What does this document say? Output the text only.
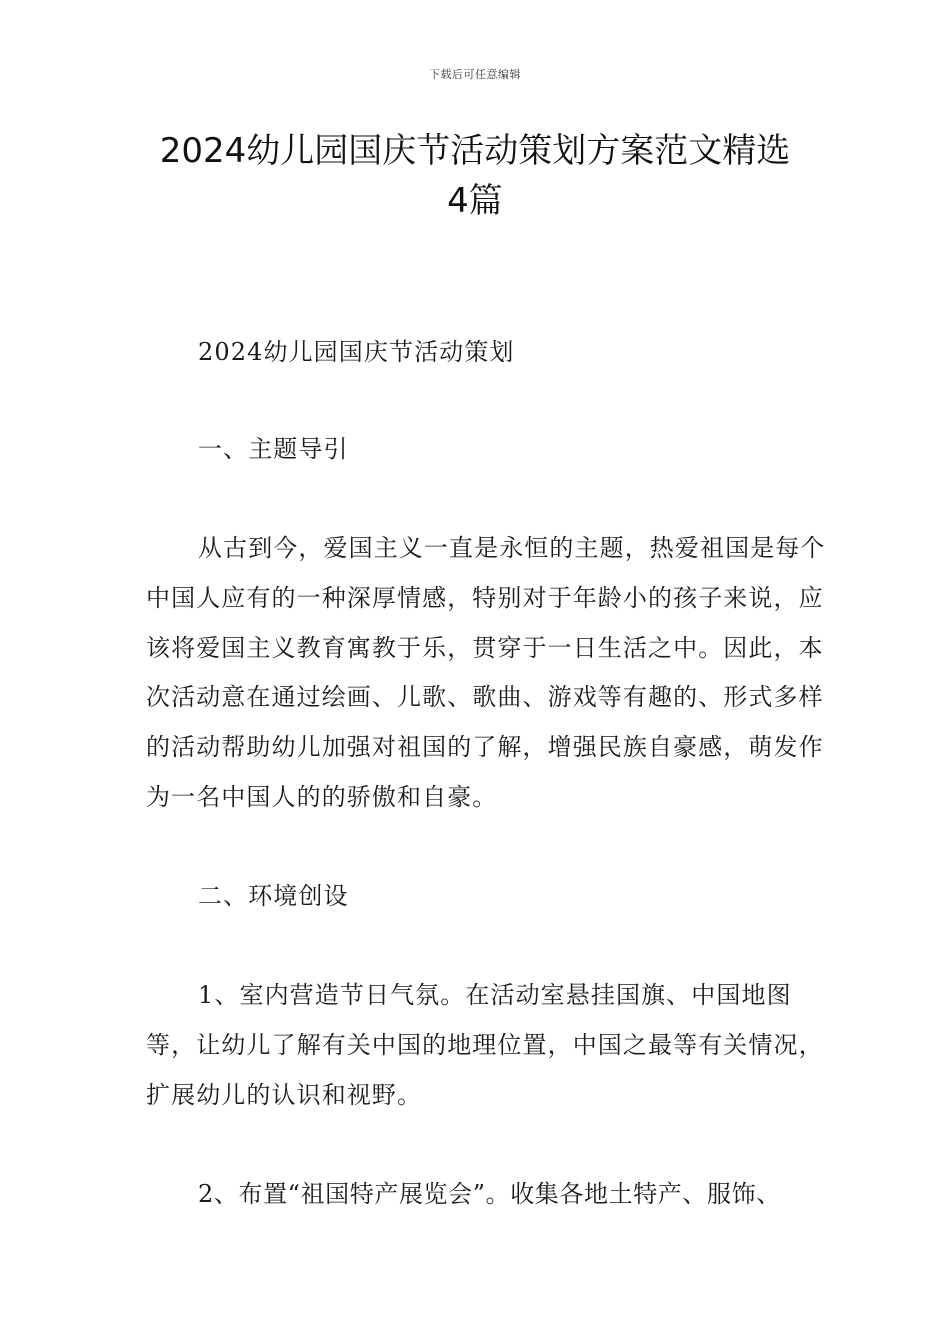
下载后可任意编辑
2024幼儿园国庆节活动策划方案范文精选
4篇

2024幼儿园国庆节活动策划

一、主题导引

从古到今，爱国主义一直是永恒的主题，热爱祖国是每个中国人应有的一种深厚情感，特别对于年龄小的孩子来说，应该将爱国主义教育寓教于乐，贯穿于一日生活之中。因此，本次活动意在通过绘画、儿歌、歌曲、游戏等有趣的、形式多样的活动帮助幼儿加强对祖国的了解，增强民族自豪感，萌发作为一名中国人的的骄傲和自豪。

二、环境创设

1、室内营造节日气氛。在活动室悬挂国旗、中国地图等，让幼儿了解有关中国的地理位置，中国之最等有关情况，扩展幼儿的认识和视野。

2、布置“祖国特产展览会”。收集各地土特产、服饰、
